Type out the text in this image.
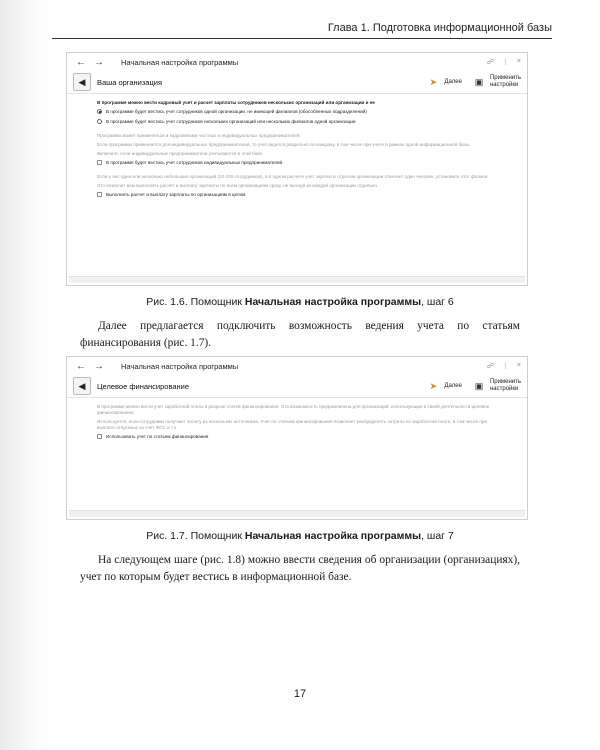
Глава 1. Подготовка информационной базы
← →	Начальная настройка программы	☍ ⋮ ×
◀ Ваша организация	➤	Далее	▣	Применить
настройки

В программе можно вести кадровый учет и расчет зарплаты сотрудников нескольких организаций или организации и ее

В программе будет вестись учет сотрудников одной организации, не имеющей филиалов (обособленных подразделений)
В программе будет вестись учет сотрудников нескольких организаций или нескольких филиалов одной организации

Программа может применяться и кадровиками частных и индивидуальных предпринимателей.

Если программа применяется для индивидуальных предпринимателей, то учет ведется раздельно по каждому, в том числе при учете в рамках одной информационной базы.

Включите, если индивидуальные предприниматели учитываются в этой базе.

В программе будет вестись учет сотрудников индивидуальных предпринимателей.

Если у вас одна или несколько небольших организаций (10-100 сотрудников), и в одном расчете учет зарплаты отделом организации отвечает один человек, установите этот флажок.

Это позволит вам выполнять расчет и выплату зарплаты по всем организациям сразу, не выходя из каждой организации отдельно.

Выполнять расчет и выплату зарплаты по организациям в целом
Рис. 1.6. Помощник Начальная настройка программы, шаг 6
Далее предлагается подключить возможность ведения учета по статьям финансирования (рис. 1.7).
← →	Начальная настройка программы	☍ ⋮ ×
◀ Целевое финансирование	➤	Далее	▣	Применить
настройки

В программе можно вести учет заработной платы в разрезе статей финансирования. Эта возможность предназначена для организаций, использующих в своей деятельности целевое финансирование.

Используется, если сотрудники получают оплату из нескольких источников. Учет по статьям финансирования позволяет распределять затраты по заработной плате, в том числе при выплате отпускных за счет ФСС и т.п.

Использовать учет по статьям финансирования
Рис. 1.7. Помощник Начальная настройка программы, шаг 7
На следующем шаге (рис. 1.8) можно ввести сведения об организации (организациях), учет по которым будет вестись в информационной базе.
17
